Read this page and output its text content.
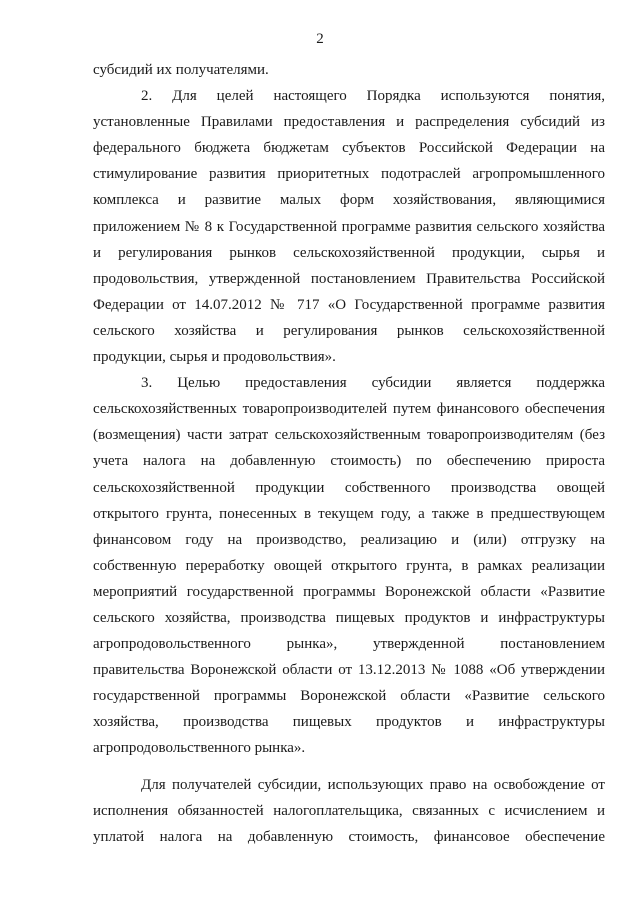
2
субсидий их получателями.
2. Для целей настоящего Порядка используются понятия,
установленные Правилами предоставления и распределения субсидий из
федерального бюджета бюджетам субъектов Российской Федерации на
стимулирование развития приоритетных подотраслей агропромышленного
комплекса и развитие малых форм хозяйствования, являющимися
приложением № 8 к Государственной программе развития сельского хозяйства
и регулирования рынков сельскохозяйственной продукции, сырья и
продовольствия, утвержденной постановлением Правительства Российской
Федерации от 14.07.2012 № 717 «О Государственной программе развития
сельского хозяйства и регулирования рынков сельскохозяйственной
продукции, сырья и продовольствия».
3. Целью предоставления субсидии является поддержка
сельскохозяйственных товаропроизводителей путем финансового обеспечения
(возмещения) части затрат сельскохозяйственным товаропроизводителям (без
учета налога на добавленную стоимость) по обеспечению прироста
сельскохозяйственной продукции собственного производства овощей
открытого грунта, понесенных в текущем году, а также в предшествующем
финансовом году на производство, реализацию и (или) отгрузку на
собственную переработку овощей открытого грунта, в рамках реализации
мероприятий государственной программы Воронежской области «Развитие
сельского хозяйства, производства пищевых продуктов и инфраструктуры
агропродовольственного рынка», утвержденной постановлением
правительства Воронежской области от 13.12.2013 № 1088 «Об утверждении
государственной программы Воронежской области «Развитие сельского
хозяйства, производства пищевых продуктов и инфраструктуры
агропродовольственного рынка».
Для получателей субсидии, использующих право на освобождение от
исполнения обязанностей налогоплательщика, связанных с исчислением и
уплатой налога на добавленную стоимость, финансовое обеспечение
